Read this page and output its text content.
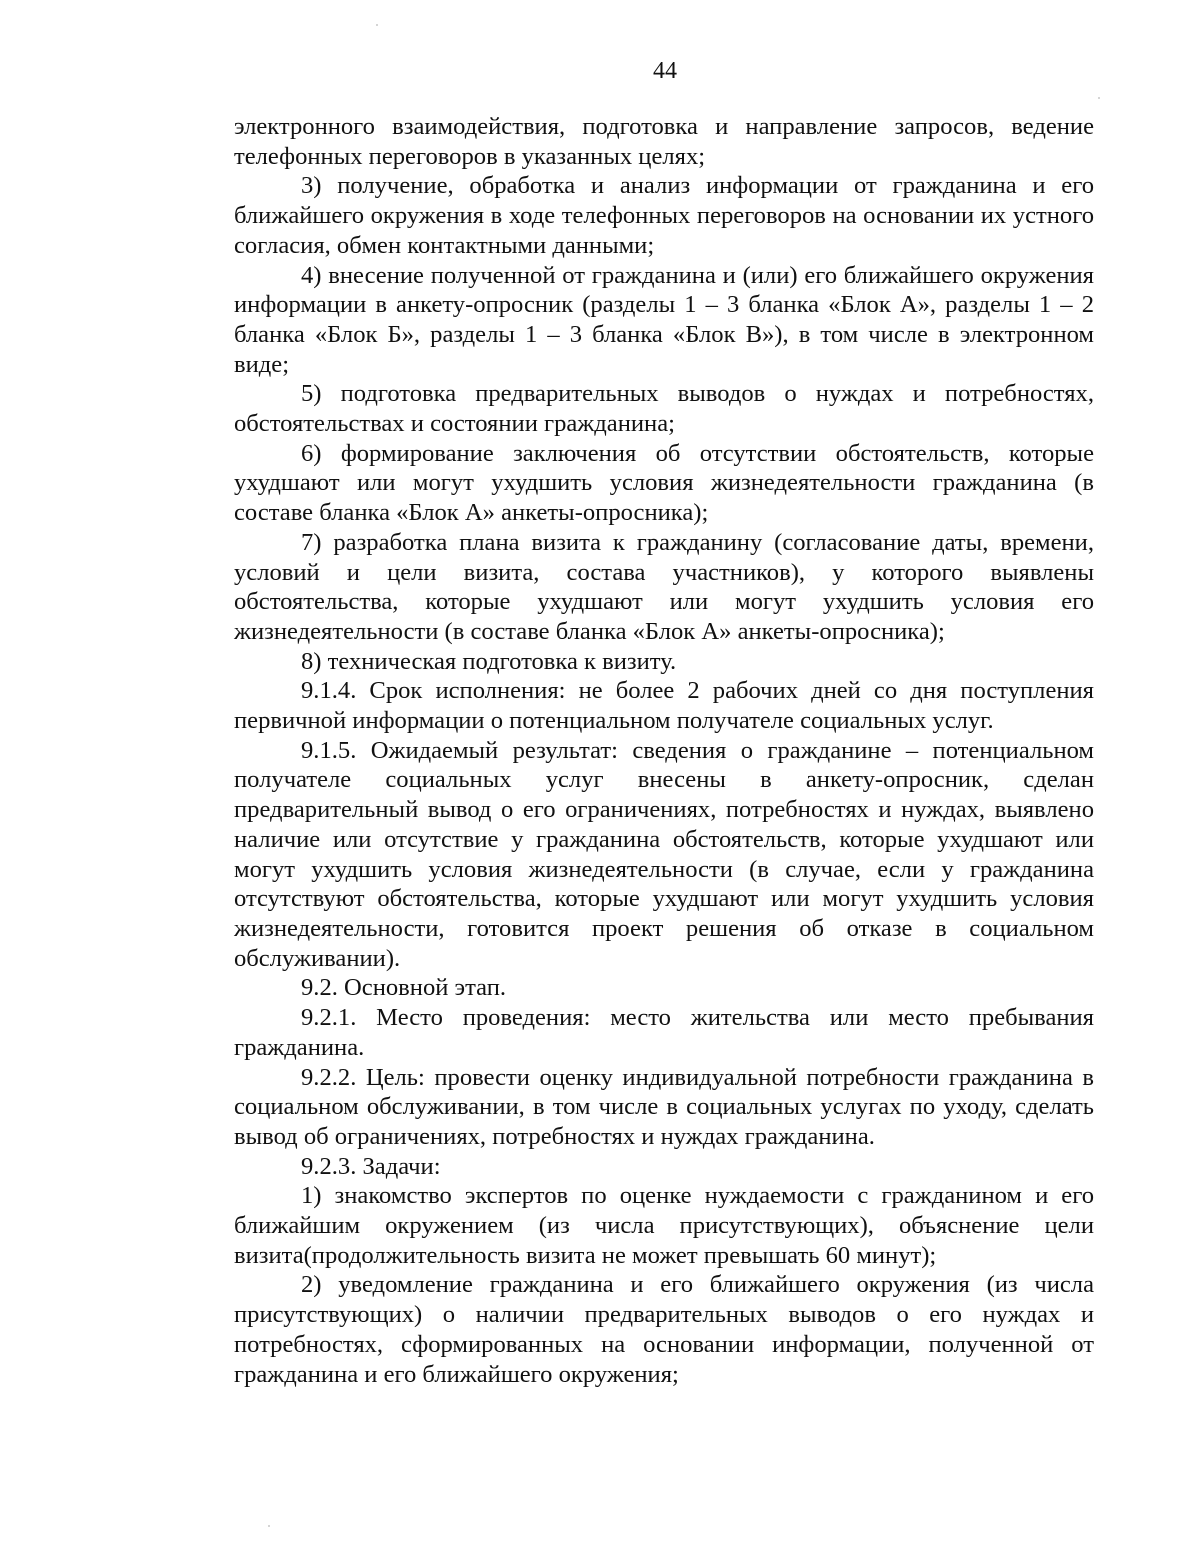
44

электронного взаимодействия, подготовка и направление запросов, ведение телефонных переговоров в указанных целях;

3) получение, обработка и анализ информации от гражданина и его ближайшего окружения в ходе телефонных переговоров на основании их устного согласия, обмен контактными данными;

4) внесение полученной от гражданина и (или) его ближайшего окружения информации в анкету-опросник (разделы 1 – 3 бланка «Блок А», разделы 1 – 2 бланка «Блок Б», разделы 1 – 3 бланка «Блок В»), в том числе в электронном виде;

5) подготовка предварительных выводов о нуждах и потребностях, обстоятельствах и состоянии гражданина;

6) формирование заключения об отсутствии обстоятельств, которые ухудшают или могут ухудшить условия жизнедеятельности гражданина (в составе бланка «Блок А» анкеты-опросника);

7) разработка плана визита к гражданину (согласование даты, времени, условий и цели визита, состава участников), у которого выявлены обстоятельства, которые ухудшают или могут ухудшить условия его жизнедеятельности (в составе бланка «Блок А» анкеты-опросника);

8) техническая подготовка к визиту.

9.1.4. Срок исполнения: не более 2 рабочих дней со дня поступления первичной информации о потенциальном получателе социальных услуг.

9.1.5. Ожидаемый результат: сведения о гражданине – потенциальном получателе социальных услуг внесены в анкету-опросник, сделан предварительный вывод о его ограничениях, потребностях и нуждах, выявлено наличие или отсутствие у гражданина обстоятельств, которые ухудшают или могут ухудшить условия жизнедеятельности (в случае, если у гражданина отсутствуют обстоятельства, которые ухудшают или могут ухудшить условия жизнедеятельности, готовится проект решения об отказе в социальном обслуживании).

9.2. Основной этап.

9.2.1. Место проведения: место жительства или место пребывания гражданина.

9.2.2. Цель: провести оценку индивидуальной потребности гражданина в социальном обслуживании, в том числе в социальных услугах по уходу, сделать вывод об ограничениях, потребностях и нуждах гражданина.

9.2.3. Задачи:

1) знакомство экспертов по оценке нуждаемости с гражданином и его ближайшим окружением (из числа присутствующих), объяснение цели визита(продолжительность визита не может превышать 60 минут);

2) уведомление гражданина и его ближайшего окружения (из числа присутствующих) о наличии предварительных выводов о его нуждах и потребностях, сформированных на основании информации, полученной от гражданина и его ближайшего окружения;
